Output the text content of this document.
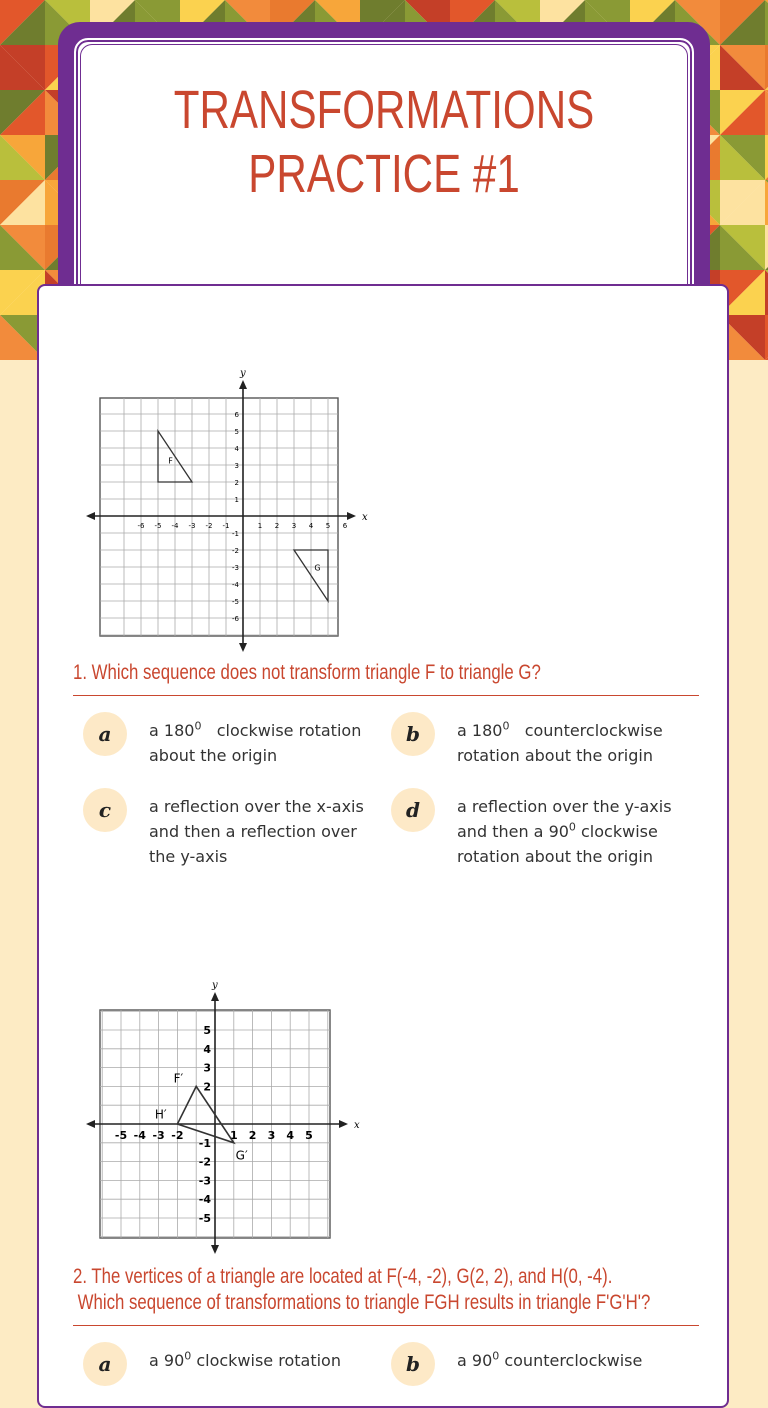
TRANSFORMATIONS
PRACTICE #1
x
y
-6 -5 -4 -3 -2 -1	1 2 3 4 5 6
6
5
4
3
2
1
-1
-2
-3
-4
-5
-6
F
G
1. Which sequence does not transform triangle F to triangle G?
a	a $180^0$   clockwise rotation about the origin
b	a $180^0$   counterclockwise rotation about the origin
c	a reflection over the x-axis and then a reflection over the y-axis
d	a reflection over the y-axis and then a $90^0$ clockwise rotation about the origin
x
y
-5 -4 -3 -2	1 2 3 4 5
5
4
3
2
-1
-2
-3
-4
-5
F′
H′
G′
2. The vertices of a triangle are located at F(-4, -2), G(2, 2), and H(0, -4).
Which sequence of transformations to triangle FGH results in triangle F'G'H'?
a	a $90^0$ clockwise rotation	b	a $90^0$ counterclockwise
